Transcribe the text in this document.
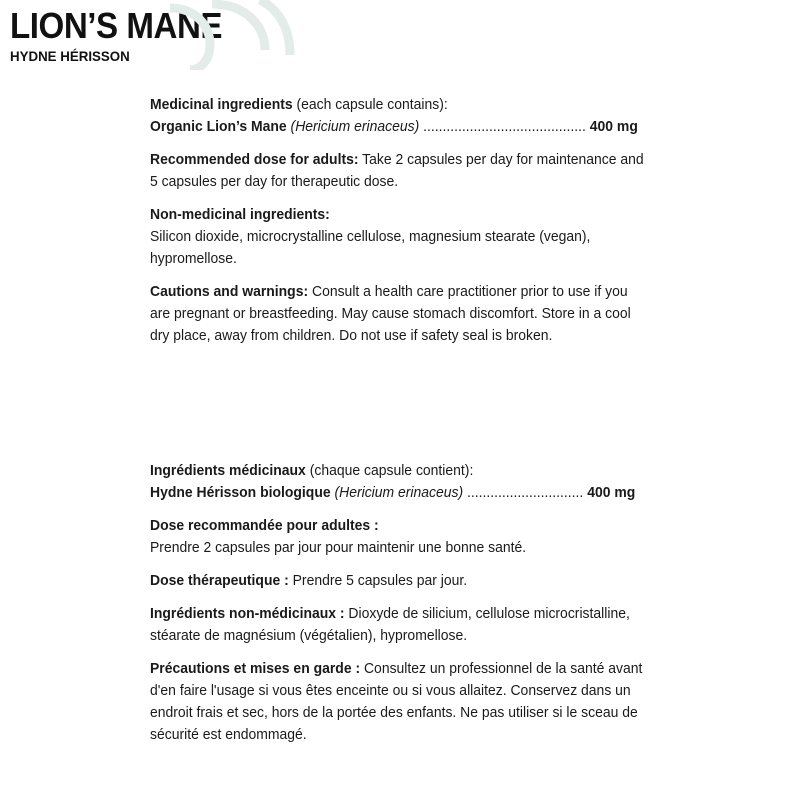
LION’S MANE
HYDNE HÉRISSON

Medicinal ingredients (each capsule contains):
Organic Lion’s Mane (Hericium erinaceus) .......................................... 400 mg

Recommended dose for adults: Take 2 capsules per day for maintenance and 5 capsules per day for therapeutic dose.

Non-medicinal ingredients:
Silicon dioxide, microcrystalline cellulose, magnesium stearate (vegan), hypromellose.

Cautions and warnings: Consult a health care practitioner prior to use if you are pregnant or breastfeeding. May cause stomach discomfort. Store in a cool dry place, away from children. Do not use if safety seal is broken.

Ingrédients médicinaux (chaque capsule contient):
Hydne Hérisson biologique (Hericium erinaceus) .............................. 400 mg

Dose recommandée pour adultes :
Prendre 2 capsules par jour pour maintenir une bonne santé.

Dose thérapeutique : Prendre 5 capsules par jour.

Ingrédients non-médicinaux : Dioxyde de silicium, cellulose microcristalline, stéarate de magnésium (végétalien), hypromellose.

Précautions et mises en garde : Consultez un professionnel de la santé avant d'en faire l'usage si vous êtes enceinte ou si vous allaitez. Conservez dans un endroit frais et sec, hors de la portée des enfants. Ne pas utiliser si le sceau de sécurité est endommagé.
